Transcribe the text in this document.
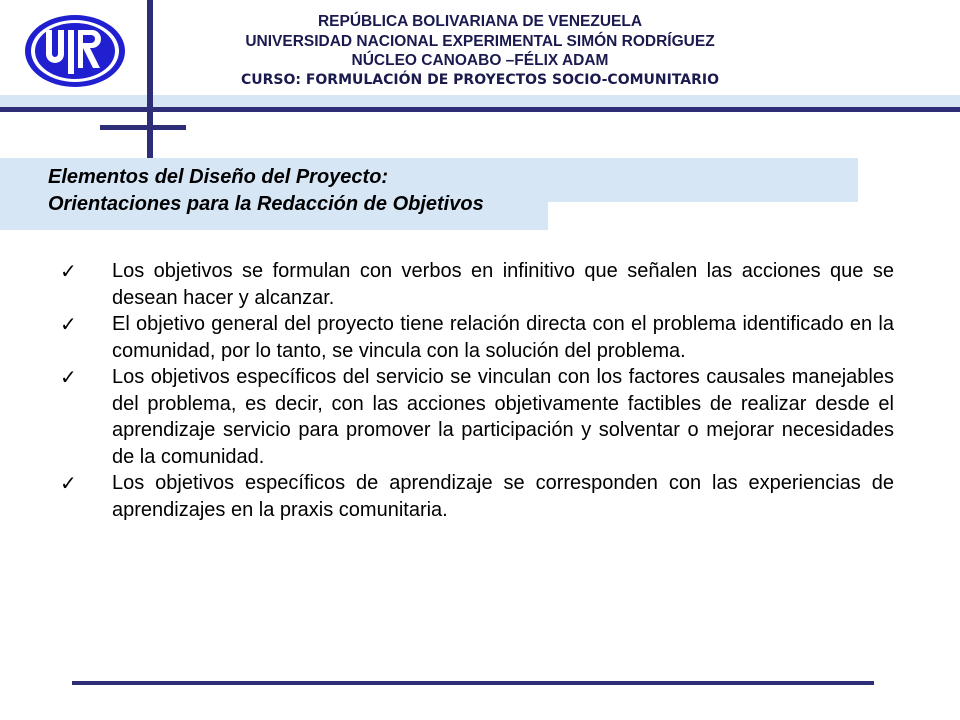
REPÚBLICA BOLIVARIANA DE VENEZUELA
UNIVERSIDAD NACIONAL EXPERIMENTAL SIMÓN RODRÍGUEZ
NÚCLEO CANOABO –FÉLIX ADAM
CURSO: FORMULACIÓN DE PROYECTOS SOCIO-COMUNITARIO
Elementos del Diseño del Proyecto:
Orientaciones para la Redacción de Objetivos
✓ Los objetivos se formulan con verbos en infinitivo que señalen las acciones que se desean hacer y alcanzar.
✓ El objetivo general del proyecto tiene relación directa con el problema identificado en la comunidad, por lo tanto, se vincula con la solución del problema.
✓ Los objetivos específicos del servicio se vinculan con los factores causales manejables del problema, es decir, con las acciones objetivamente factibles de realizar desde el aprendizaje servicio para promover la participación y solventar o mejorar necesidades de la comunidad.
✓ Los objetivos específicos de aprendizaje se corresponden con las experiencias de aprendizajes en la praxis comunitaria.
